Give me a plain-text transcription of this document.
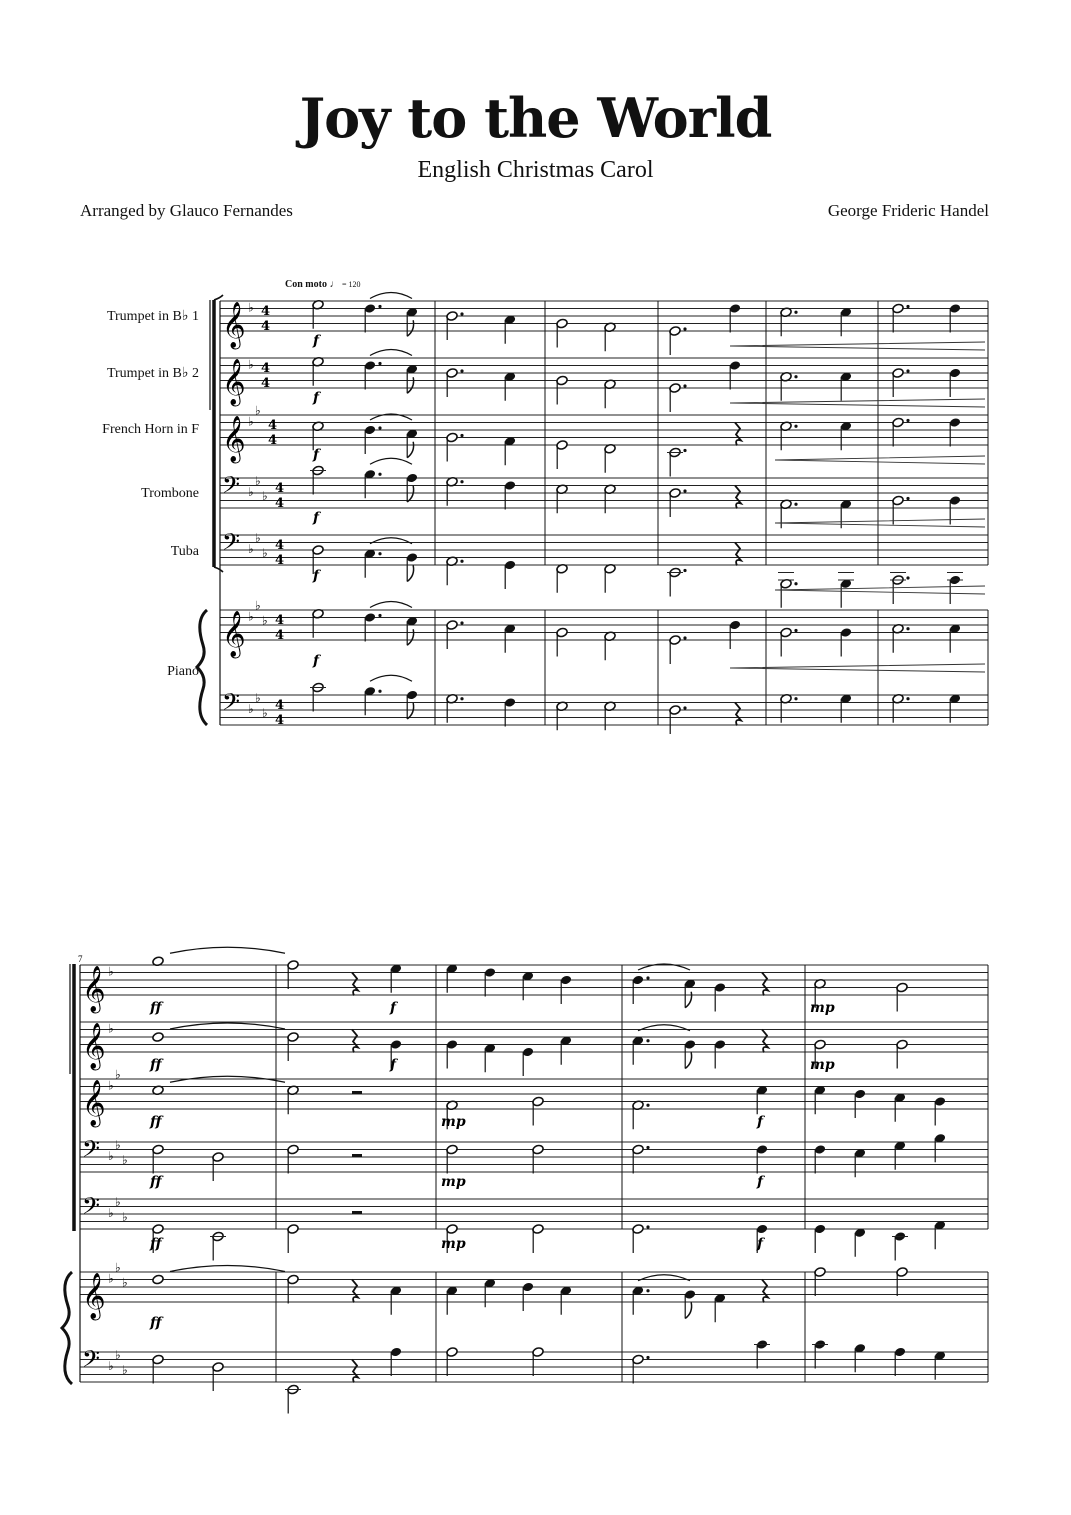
Joy to the World
English Christmas Carol
Arranged by Glauco Fernandes	George Frideric Handel
Con moto ♩ = 120
Trumpet in B♭ 1
Trumpet in B♭ 2
French Horn in F
Trombone
Tuba
Piano
𝄞 ♭ 4
4
𝄞 ♭ 4
4
𝄞 ♭
♭
4
4
𝄢 ♭
♭
♭ 4
4
𝄢 ♭
♭
♭ 4
4
𝄞 ♭
♭
♭ 4
4
𝄢 ♭
♭
♭ 4
4
f
f
f
f
f
f
𝄞 ♭
𝄞 ♭
𝄞 ♭
♭
𝄢 ♭
♭
♭
𝄢 ♭
♭
♭
𝄞 ♭
♭
♭
𝄢 ♭
♭
♭
7
ff	f	mp
ff	f	mp
ff	mp	f
ff	mp	f
ff	mp	f
ff
